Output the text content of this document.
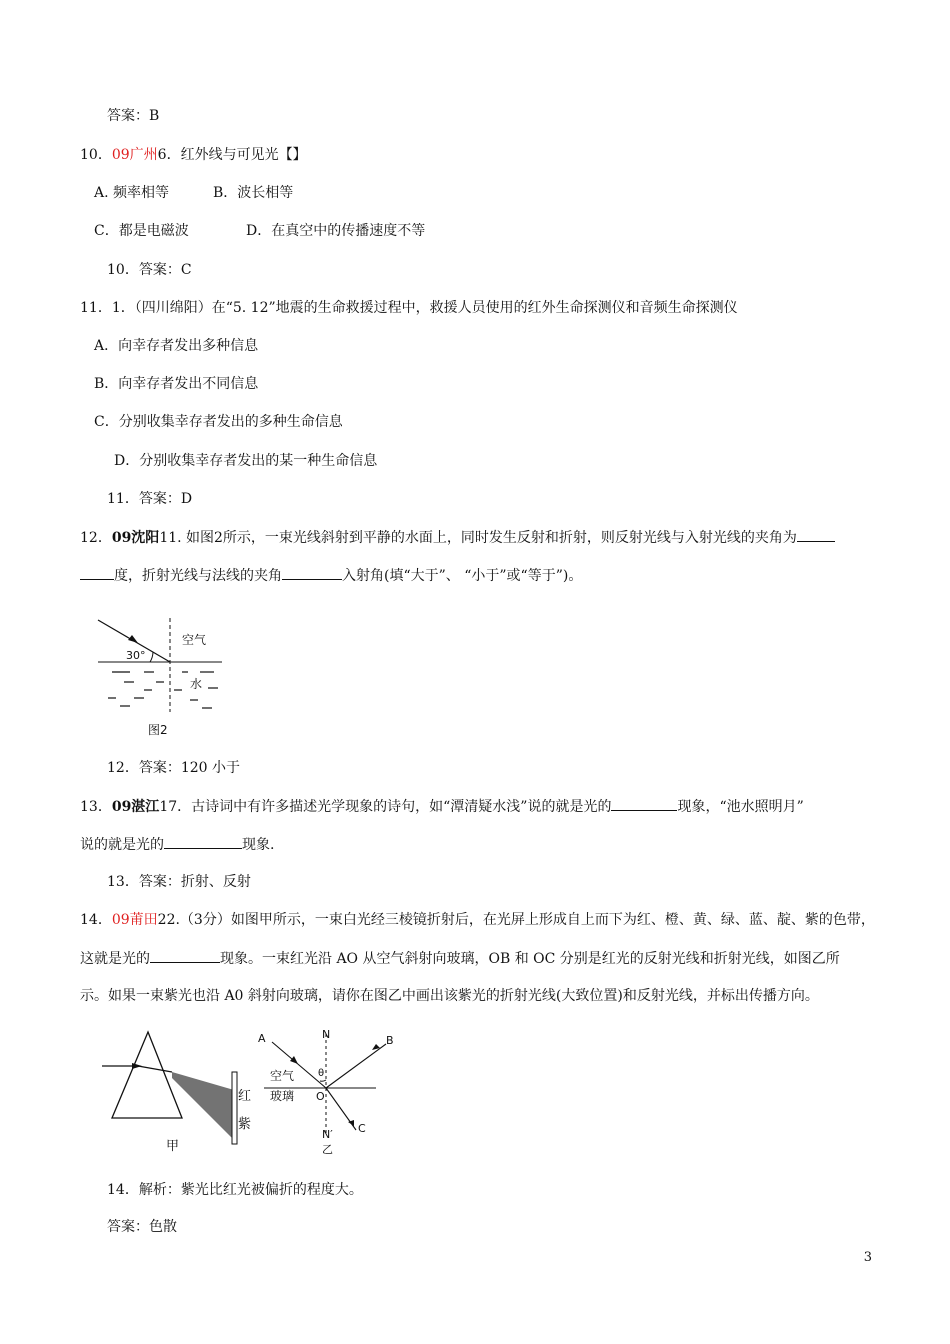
答案：B
10．09广州6．红外线与可见光【】
A. 频率相等	B．波长相等
C．都是电磁波	D．在真空中的传播速度不等
10．答案：C
11．1．（四川绵阳）在“5. 12”地震的生命救援过程中，救援人员使用的红外生命探测仪和音频生命探测仪
A．向幸存者发出多种信息
B．向幸存者发出不同信息
C．分别收集幸存者发出的多种生命信息
D．分别收集幸存者发出的某一种生命信息
11．答案：D
12．09沈阳11. 如图2所示，一束光线斜射到平静的水面上，同时发生反射和折射，则反射光线与入射光线的夹角为
度，折射光线与法线的夹角	入射角(填“大于”、 “小于”或“等于”)。
30°
空气
水
图2
12．答案：120 小于
13．09湛江17．古诗词中有许多描述光学现象的诗句，如“潭清疑水浅”说的就是光的	现象，“池水照明月”
说的就是光的	现象.
13．答案：折射、反射
14．09莆田22.（3分）如图甲所示，一束白光经三棱镜折射后，在光屏上形成自上而下为红、橙、黄、绿、蓝、靛、紫的色带，
这就是光的	现象。一束红光沿 AO 从空气斜射向玻璃，OB 和 OC 分别是红光的反射光线和折射光线，如图乙所
示。如果一束紫光也沿 A0 斜射向玻璃，请你在图乙中画出该紫光的折射光线(大致位置)和反射光线，并标出传播方向。
红
紫
甲
A	N	B
θ
空气
玻璃 O
C
N′
乙
14．解析：紫光比红光被偏折的程度大。
答案：色散
3
